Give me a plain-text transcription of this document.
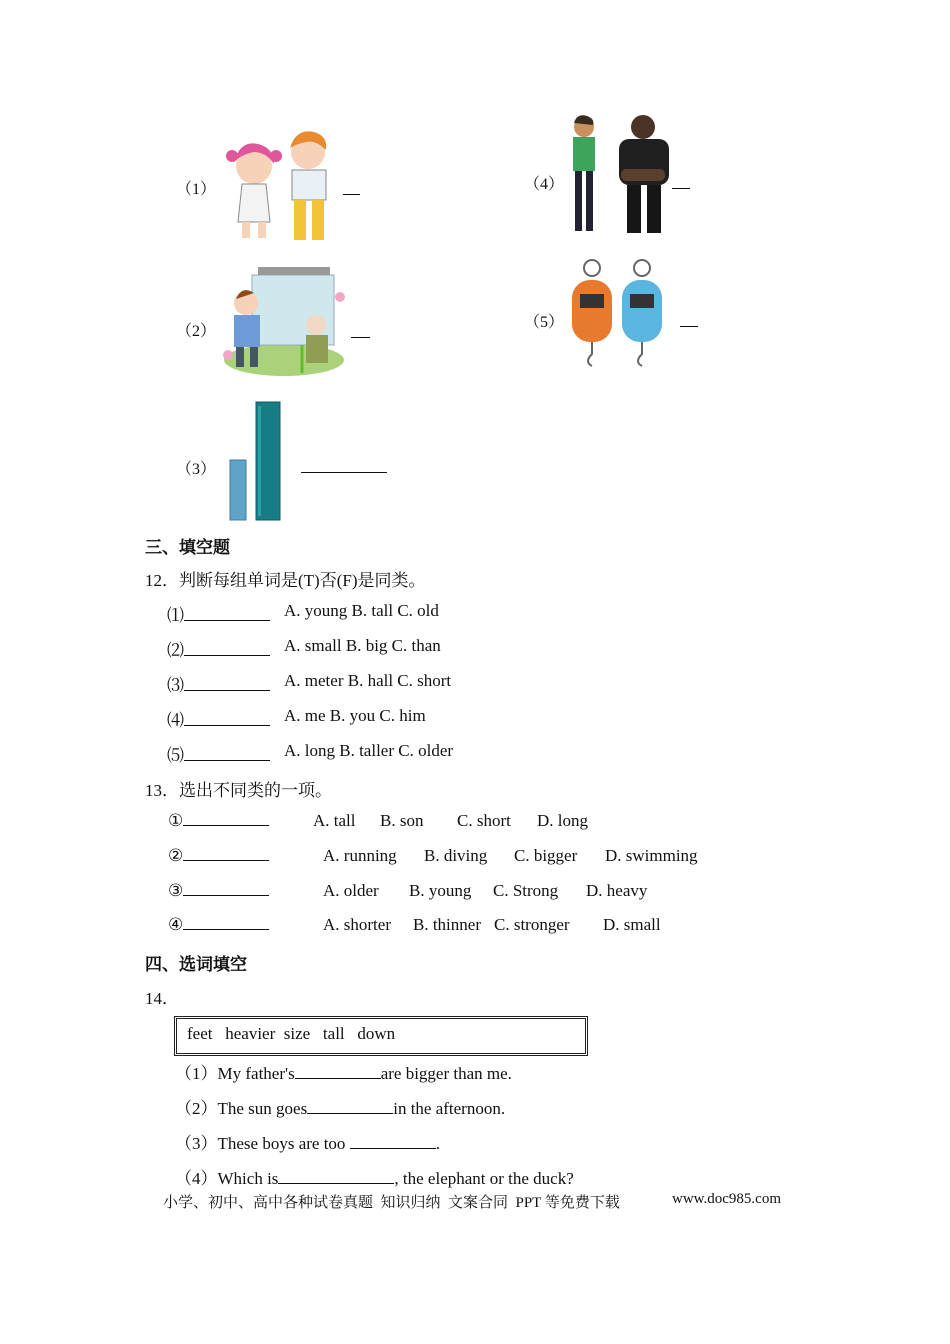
（1）
（2）
（3）
（4）
（5）
三、填空题
12．判断每组单词是(T)否(F)是同类。
⑴	A. young B. tall C. old
⑵	A. small B. big C. than
⑶	A. meter B. hall C. short
⑷	A. me B. you C. him
⑸	A. long B. taller C. older
13．选出不同类的一项。
①	A. tall B. son C. short D. long
②	A. running B. diving C. bigger D. swimming
③	A. older B. young C. Strong D. heavy
④	A. shorter B. thinner C. stronger D. small
四、选词填空
14．
feet   heavier  size   tall   down
（1）My father's	are bigger than me.
（2）The sun goes	in the afternoon.
（3）These boys are too	.
（4）Which is	, the elephant or the duck?
小学、初中、高中各种试卷真题  知识归纳  文案合同  PPT 等免费下载	www.doc985.com
